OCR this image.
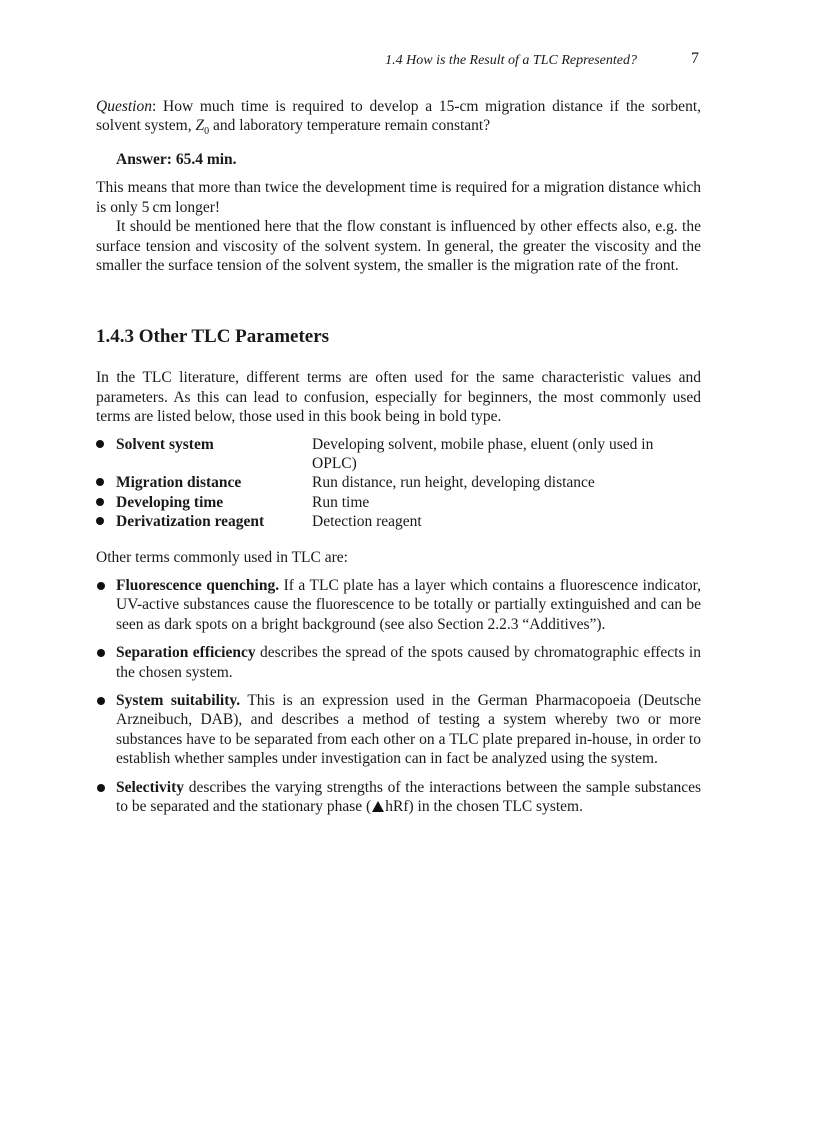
1.4 How is the Result of a TLC Represented?	7

Question: How much time is required to develop a 15-cm migration distance if the sorbent, solvent system, $Z_0$ and laboratory temperature remain constant?

Answer: 65.4 min.

This means that more than twice the development time is required for a migration distance which is only 5 cm longer!

It should be mentioned here that the flow constant is influenced by other effects also, e.g. the surface tension and viscosity of the solvent system. In general, the greater the viscosity and the smaller the surface tension of the solvent system, the smaller is the migration rate of the front.

1.4.3 Other TLC Parameters

In the TLC literature, different terms are often used for the same characteristic values and parameters. As this can lead to confusion, especially for beginners, the most commonly used terms are listed below, those used in this book being in bold type.

	Solvent system	Developing solvent, mobile phase, eluent (only used in OPLC)
	Migration distance	Run distance, run height, developing distance
	Developing time	Run time
	Derivatization reagent	Detection reagent

Other terms commonly used in TLC are:

Fluorescence quenching. If a TLC plate has a layer which contains a fluorescence indicator, UV-active substances cause the fluorescence to be totally or partially extinguished and can be seen as dark spots on a bright background (see also Section 2.2.3 “Additives”).
Separation efficiency describes the spread of the spots caused by chromatographic effects in the chosen system.
System suitability. This is an expression used in the German Pharmacopoeia (Deutsche Arzneibuch, DAB), and describes a method of testing a system whereby two or more substances have to be separated from each other on a TLC plate prepared in-house, in order to establish whether samples under investigation can in fact be analyzed using the system.
Selectivity describes the varying strengths of the interactions between the sample substances to be separated and the stationary phase ( hRf) in the chosen TLC system.
